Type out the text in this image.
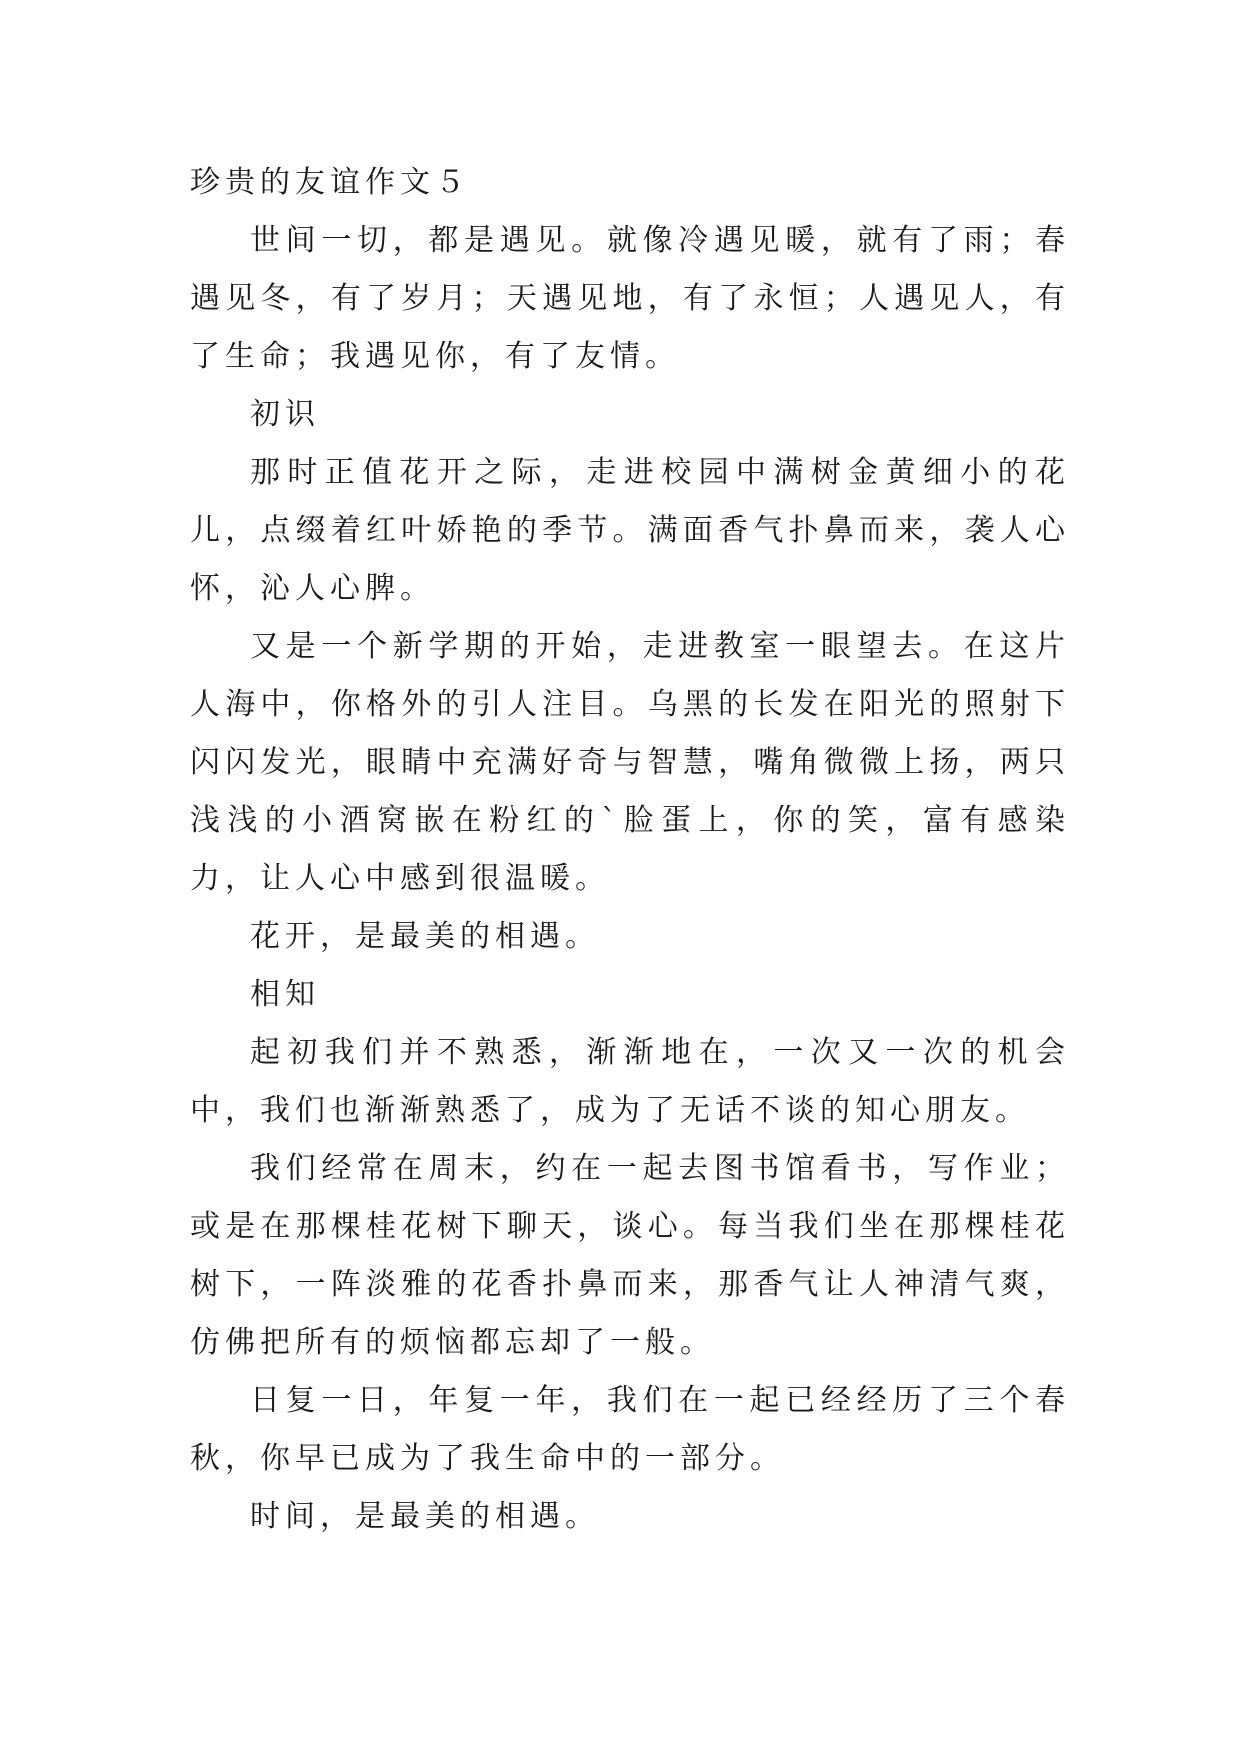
珍贵的友谊作文５

世间一切，都是遇见。就像冷遇见暖，就有了雨；春遇见冬，有了岁月；天遇见地，有了永恒；人遇见人，有了生命；我遇见你，有了友情。

初识

那时正值花开之际，走进校园中满树金黄细小的花儿，点缀着红叶娇艳的季节。满面香气扑鼻而来，袭人心怀，沁人心脾。

又是一个新学期的开始，走进教室一眼望去。在这片人海中，你格外的引人注目。乌黑的长发在阳光的照射下闪闪发光，眼睛中充满好奇与智慧，嘴角微微上扬，两只浅浅的小酒窝嵌在粉红的`脸蛋上，你的笑，富有感染力，让人心中感到很温暖。

花开，是最美的相遇。

相知

起初我们并不熟悉，渐渐地在，一次又一次的机会中，我们也渐渐熟悉了，成为了无话不谈的知心朋友。

我们经常在周末，约在一起去图书馆看书，写作业；或是在那棵桂花树下聊天，谈心。每当我们坐在那棵桂花树下，一阵淡雅的花香扑鼻而来，那香气让人神清气爽，仿佛把所有的烦恼都忘却了一般。

日复一日，年复一年，我们在一起已经经历了三个春秋，你早已成为了我生命中的一部分。

时间，是最美的相遇。
